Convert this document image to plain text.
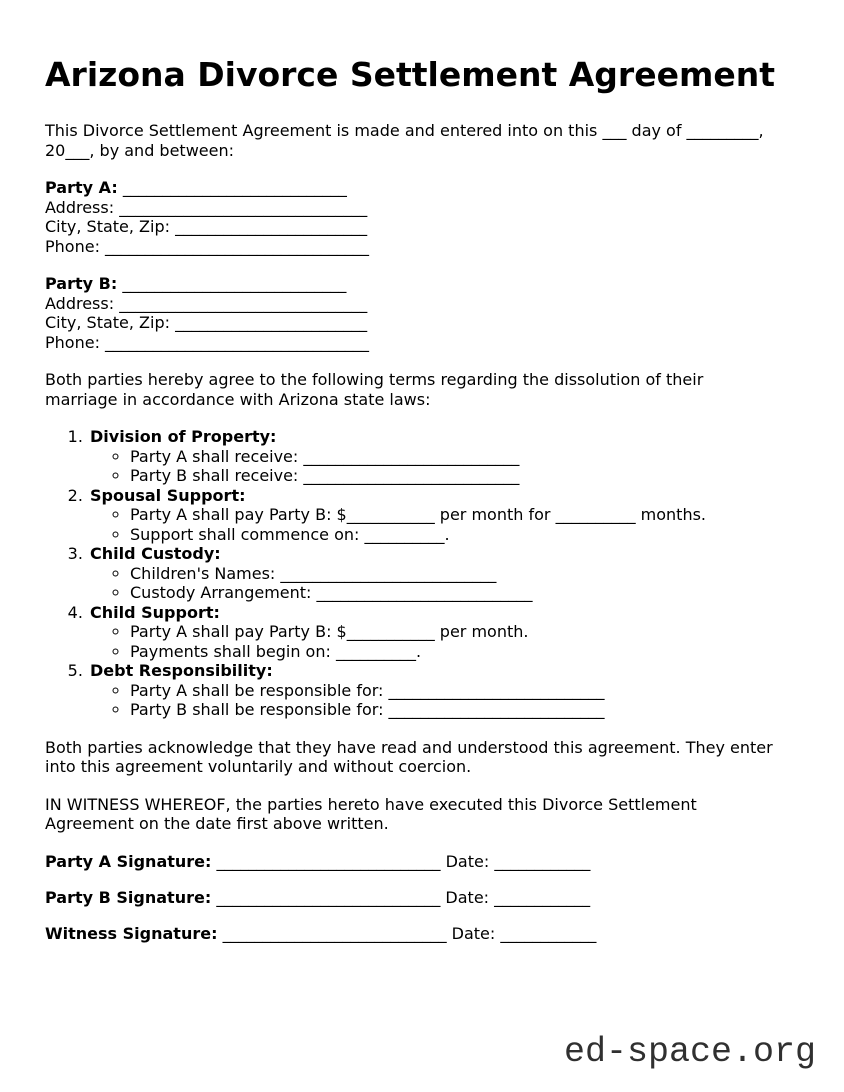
Arizona Divorce Settlement Agreement
This Divorce Settlement Agreement is made and entered into on this ___ day of _________,
20___, by and between:
Party A: ____________________________
Address: _______________________________
City, State, Zip: ________________________
Phone: _________________________________
Party B: ____________________________
Address: _______________________________
City, State, Zip: ________________________
Phone: _________________________________
Both parties hereby agree to the following terms regarding the dissolution of their
marriage in accordance with Arizona state laws:
1. Division of Property:
◦ Party A shall receive: ___________________________
◦ Party B shall receive: ___________________________
2. Spousal Support:
◦ Party A shall pay Party B: $___________ per month for __________ months.
◦ Support shall commence on: __________.
3. Child Custody:
◦ Children's Names: ___________________________
◦ Custody Arrangement: ___________________________
4. Child Support:
◦ Party A shall pay Party B: $___________ per month.
◦ Payments shall begin on: __________.
5. Debt Responsibility:
◦ Party A shall be responsible for: ___________________________
◦ Party B shall be responsible for: ___________________________
Both parties acknowledge that they have read and understood this agreement. They enter
into this agreement voluntarily and without coercion.
IN WITNESS WHEREOF, the parties hereto have executed this Divorce Settlement
Agreement on the date first above written.
Party A Signature: ____________________________ Date: ____________
Party B Signature: ____________________________ Date: ____________
Witness Signature: ____________________________ Date: ____________
ed-space.org
